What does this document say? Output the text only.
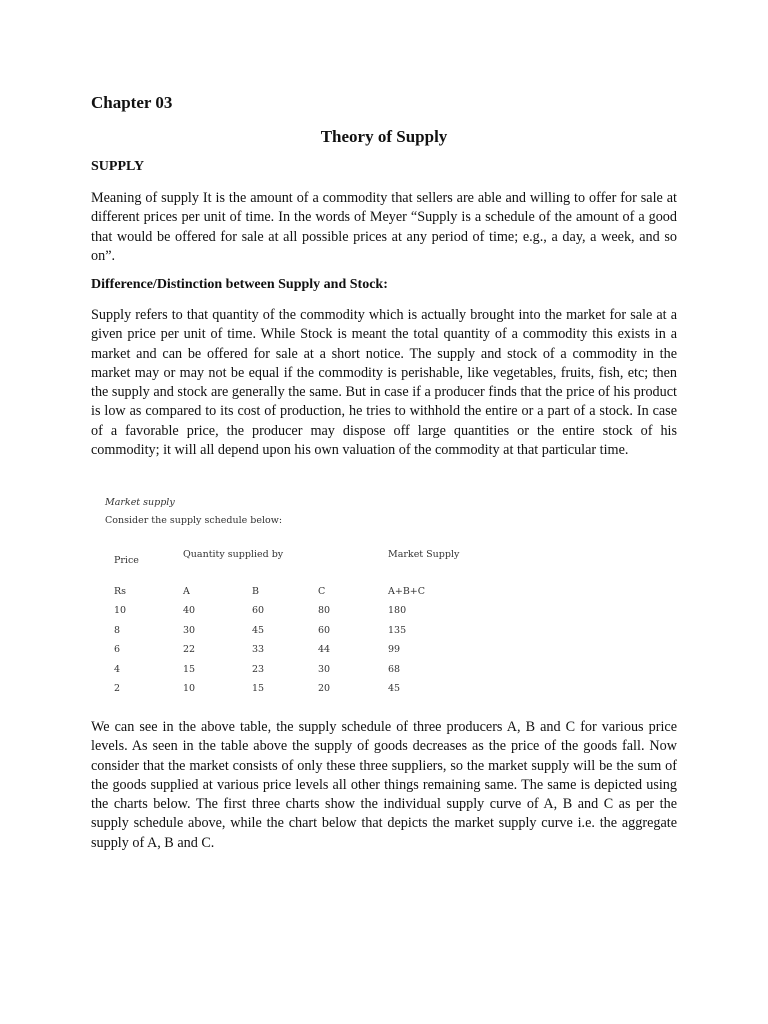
Chapter 03
Theory of Supply
SUPPLY

Meaning of supply It is the amount of a commodity that sellers are able and willing to offer for sale at different prices per unit of time. In the words of Meyer “Supply is a schedule of the amount of a good that would be offered for sale at all possible prices at any period of time; e.g., a day, a week, and so on”.

Difference/Distinction between Supply and Stock:

Supply refers to that quantity of the commodity which is actually brought into the market for sale at a given price per unit of time. While Stock is meant the total quantity of a commodity this exists in a market and can be offered for sale at a short notice. The supply and stock of a commodity in the market may or may not be equal if the commodity is perishable, like vegetables, fruits, fish, etc; then the supply and stock are generally the same. But in case if a producer finds that the price of his product is low as compared to its cost of production, he tries to withhold the entire or a part of a stock. In case of a favorable price, the producer may dispose off large quantities or the entire stock of his commodity; it will all depend upon his own valuation of the commodity at that particular time.

We can see in the above table, the supply schedule of three producers A, B and C for various price levels. As seen in the table above the supply of goods decreases as the price of the goods fall. Now consider that the market consists of only these three suppliers, so the market supply will be the sum of the goods supplied at various price levels all other things remaining same. The same is depicted using the charts below. The first three charts show the individual supply curve of A, B and C as per the supply schedule above, while the chart below that depicts the market supply curve i.e. the aggregate supply of A, B and C.

Market supply
Consider the supply schedule below:
Price
Quantity supplied by	Market Supply
Rs	A	B	C	A+B+C
10	40	60	80	180
8	30	45	60	135
6	22	33	44	99
4	15	23	30	68
2	10	15	20	45
